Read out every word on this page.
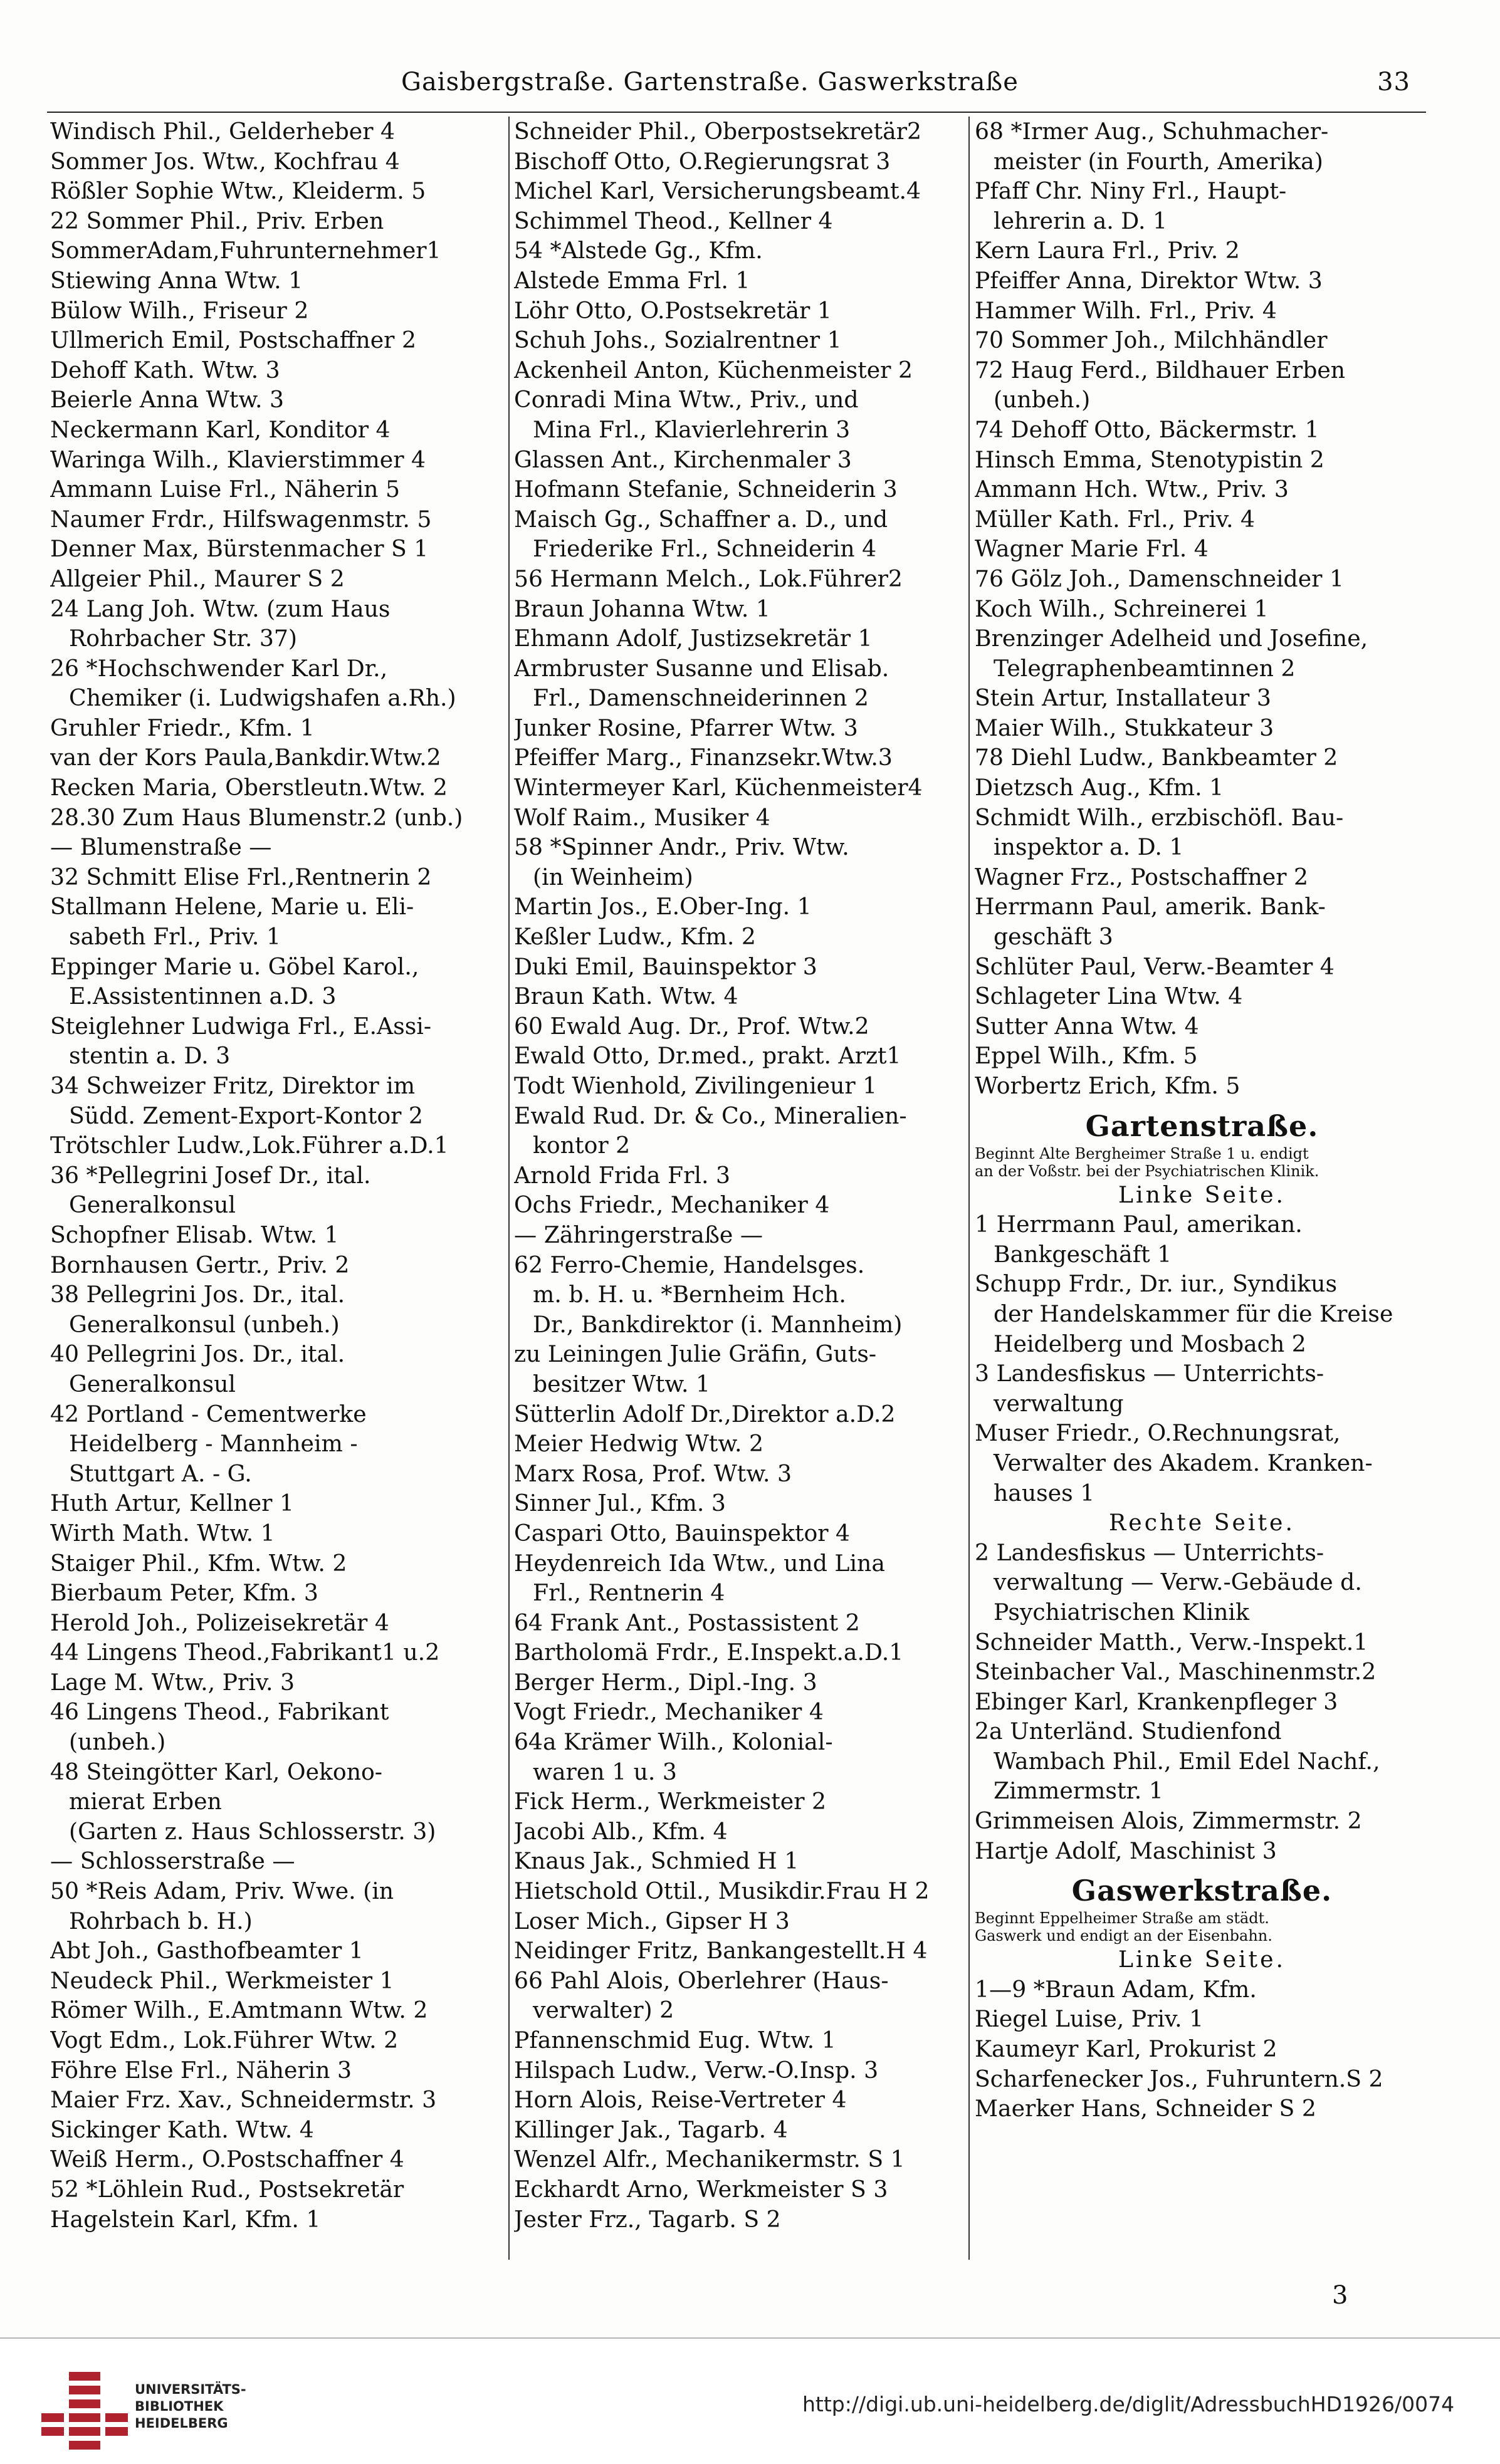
Gaisbergstraße. Gartenstraße. Gaswerkstraße	33
Windisch Phil., Gelderheber 4
Sommer Jos. Wtw., Kochfrau 4
Rößler Sophie Wtw., Kleiderm. 5
22 Sommer Phil., Priv. Erben
SommerAdam,Fuhrunternehmer1
Stiewing Anna Wtw. 1
Bülow Wilh., Friseur 2
Ullmerich Emil, Postschaffner 2
Dehoff Kath. Wtw. 3
Beierle Anna Wtw. 3
Neckermann Karl, Konditor 4
Waringa Wilh., Klavierstimmer 4
Ammann Luise Frl., Näherin 5
Naumer Frdr., Hilfswagenmstr. 5
Denner Max, Bürstenmacher S 1
Allgeier Phil., Maurer S 2
24 Lang Joh. Wtw. (zum Haus
Rohrbacher Str. 37)
26 *Hochschwender Karl Dr.,
Chemiker (i. Ludwigshafen a.Rh.)
Gruhler Friedr., Kfm. 1
van der Kors Paula,Bankdir.Wtw.2
Recken Maria, Oberstleutn.Wtw. 2
28.30 Zum Haus Blumenstr.2 (unb.)
— Blumenstraße —
32 Schmitt Elise Frl.,Rentnerin 2
Stallmann Helene, Marie u. Eli-
sabeth Frl., Priv. 1
Eppinger Marie u. Göbel Karol.,
E.Assistentinnen a.D. 3
Steiglehner Ludwiga Frl., E.Assi-
stentin a. D. 3
34 Schweizer Fritz, Direktor im
Südd. Zement-Export-Kontor 2
Trötschler Ludw.,Lok.Führer a.D.1
36 *Pellegrini Josef Dr., ital.
Generalkonsul
Schopfner Elisab. Wtw. 1
Bornhausen Gertr., Priv. 2
38 Pellegrini Jos. Dr., ital.
Generalkonsul (unbeh.)
40 Pellegrini Jos. Dr., ital.
Generalkonsul
42 Portland - Cementwerke
Heidelberg - Mannheim -
Stuttgart A. - G.
Huth Artur, Kellner 1
Wirth Math. Wtw. 1
Staiger Phil., Kfm. Wtw. 2
Bierbaum Peter, Kfm. 3
Herold Joh., Polizeisekretär 4
44 Lingens Theod.,Fabrikant1 u.2
Lage M. Wtw., Priv. 3
46 Lingens Theod., Fabrikant
(unbeh.)
48 Steingötter Karl, Oekono-
mierat Erben
(Garten z. Haus Schlosserstr. 3)
— Schlosserstraße —
50 *Reis Adam, Priv. Wwe. (in
Rohrbach b. H.)
Abt Joh., Gasthofbeamter 1
Neudeck Phil., Werkmeister 1
Römer Wilh., E.Amtmann Wtw. 2
Vogt Edm., Lok.Führer Wtw. 2
Föhre Else Frl., Näherin 3
Maier Frz. Xav., Schneidermstr. 3
Sickinger Kath. Wtw. 4
Weiß Herm., O.Postschaffner 4
52 *Löhlein Rud., Postsekretär
Hagelstein Karl, Kfm. 1
Schneider Phil., Oberpostsekretär2
Bischoff Otto, O.Regierungsrat 3
Michel Karl, Versicherungsbeamt.4
Schimmel Theod., Kellner 4
54 *Alstede Gg., Kfm.
Alstede Emma Frl. 1
Löhr Otto, O.Postsekretär 1
Schuh Johs., Sozialrentner 1
Ackenheil Anton, Küchenmeister 2
Conradi Mina Wtw., Priv., und
Mina Frl., Klavierlehrerin 3
Glassen Ant., Kirchenmaler 3
Hofmann Stefanie, Schneiderin 3
Maisch Gg., Schaffner a. D., und
Friederike Frl., Schneiderin 4
56 Hermann Melch., Lok.Führer2
Braun Johanna Wtw. 1
Ehmann Adolf, Justizsekretär 1
Armbruster Susanne und Elisab.
Frl., Damenschneiderinnen 2
Junker Rosine, Pfarrer Wtw. 3
Pfeiffer Marg., Finanzsekr.Wtw.3
Wintermeyer Karl, Küchenmeister4
Wolf Raim., Musiker 4
58 *Spinner Andr., Priv. Wtw.
(in Weinheim)
Martin Jos., E.Ober-Ing. 1
Keßler Ludw., Kfm. 2
Duki Emil, Bauinspektor 3
Braun Kath. Wtw. 4
60 Ewald Aug. Dr., Prof. Wtw.2
Ewald Otto, Dr.med., prakt. Arzt1
Todt Wienhold, Zivilingenieur 1
Ewald Rud. Dr. & Co., Mineralien-
kontor 2
Arnold Frida Frl. 3
Ochs Friedr., Mechaniker 4
— Zähringerstraße —
62 Ferro-Chemie, Handelsges.
m. b. H. u. *Bernheim Hch.
Dr., Bankdirektor (i. Mannheim)
zu Leiningen Julie Gräfin, Guts-
besitzer Wtw. 1
Sütterlin Adolf Dr.,Direktor a.D.2
Meier Hedwig Wtw. 2
Marx Rosa, Prof. Wtw. 3
Sinner Jul., Kfm. 3
Caspari Otto, Bauinspektor 4
Heydenreich Ida Wtw., und Lina
Frl., Rentnerin 4
64 Frank Ant., Postassistent 2
Bartholomä Frdr., E.Inspekt.a.D.1
Berger Herm., Dipl.-Ing. 3
Vogt Friedr., Mechaniker 4
64a Krämer Wilh., Kolonial-
waren 1 u. 3
Fick Herm., Werkmeister 2
Jacobi Alb., Kfm. 4
Knaus Jak., Schmied H 1
Hietschold Ottil., Musikdir.Frau H 2
Loser Mich., Gipser H 3
Neidinger Fritz, Bankangestellt.H 4
66 Pahl Alois, Oberlehrer (Haus-
verwalter) 2
Pfannenschmid Eug. Wtw. 1
Hilspach Ludw., Verw.-O.Insp. 3
Horn Alois, Reise-Vertreter 4
Killinger Jak., Tagarb. 4
Wenzel Alfr., Mechanikermstr. S 1
Eckhardt Arno, Werkmeister S 3
Jester Frz., Tagarb. S 2
68 *Irmer Aug., Schuhmacher-
meister (in Fourth, Amerika)
Pfaff Chr. Niny Frl., Haupt-
lehrerin a. D. 1
Kern Laura Frl., Priv. 2
Pfeiffer Anna, Direktor Wtw. 3
Hammer Wilh. Frl., Priv. 4
70 Sommer Joh., Milchhändler
72 Haug Ferd., Bildhauer Erben
(unbeh.)
74 Dehoff Otto, Bäckermstr. 1
Hinsch Emma, Stenotypistin 2
Ammann Hch. Wtw., Priv. 3
Müller Kath. Frl., Priv. 4
Wagner Marie Frl. 4
76 Gölz Joh., Damenschneider 1
Koch Wilh., Schreinerei 1
Brenzinger Adelheid und Josefine,
Telegraphenbeamtinnen 2
Stein Artur, Installateur 3
Maier Wilh., Stukkateur 3
78 Diehl Ludw., Bankbeamter 2
Dietzsch Aug., Kfm. 1
Schmidt Wilh., erzbischöfl. Bau-
inspektor a. D. 1
Wagner Frz., Postschaffner 2
Herrmann Paul, amerik. Bank-
geschäft 3
Schlüter Paul, Verw.-Beamter 4
Schlageter Lina Wtw. 4
Sutter Anna Wtw. 4
Eppel Wilh., Kfm. 5
Worbertz Erich, Kfm. 5
Gartenstraße.
Beginnt Alte Bergheimer Straße 1 u. endigt
an der Voßstr. bei der Psychiatrischen Klinik.
Linke Seite.
1 Herrmann Paul, amerikan.
Bankgeschäft 1
Schupp Frdr., Dr. iur., Syndikus
der Handelskammer für die Kreise
Heidelberg und Mosbach 2
3 Landesfiskus — Unterrichts-
verwaltung
Muser Friedr., O.Rechnungsrat,
Verwalter des Akadem. Kranken-
hauses 1
Rechte Seite.
2 Landesfiskus — Unterrichts-
verwaltung — Verw.-Gebäude d.
Psychiatrischen Klinik
Schneider Matth., Verw.-Inspekt.1
Steinbacher Val., Maschinenmstr.2
Ebinger Karl, Krankenpfleger 3
2a Unterländ. Studienfond
Wambach Phil., Emil Edel Nachf.,
Zimmermstr. 1
Grimmeisen Alois, Zimmermstr. 2
Hartje Adolf, Maschinist 3
Gaswerkstraße.
Beginnt Eppelheimer Straße am städt.
Gaswerk und endigt an der Eisenbahn.
Linke Seite.
1—9 *Braun Adam, Kfm.
Riegel Luise, Priv. 1
Kaumeyr Karl, Prokurist 2
Scharfenecker Jos., Fuhruntern.S 2
Maerker Hans, Schneider S 2
3
UNIVERSITÄTS-
BIBLIOTHEK
HEIDELBERG
http://digi.ub.uni-heidelberg.de/diglit/AdressbuchHD1926/0074
